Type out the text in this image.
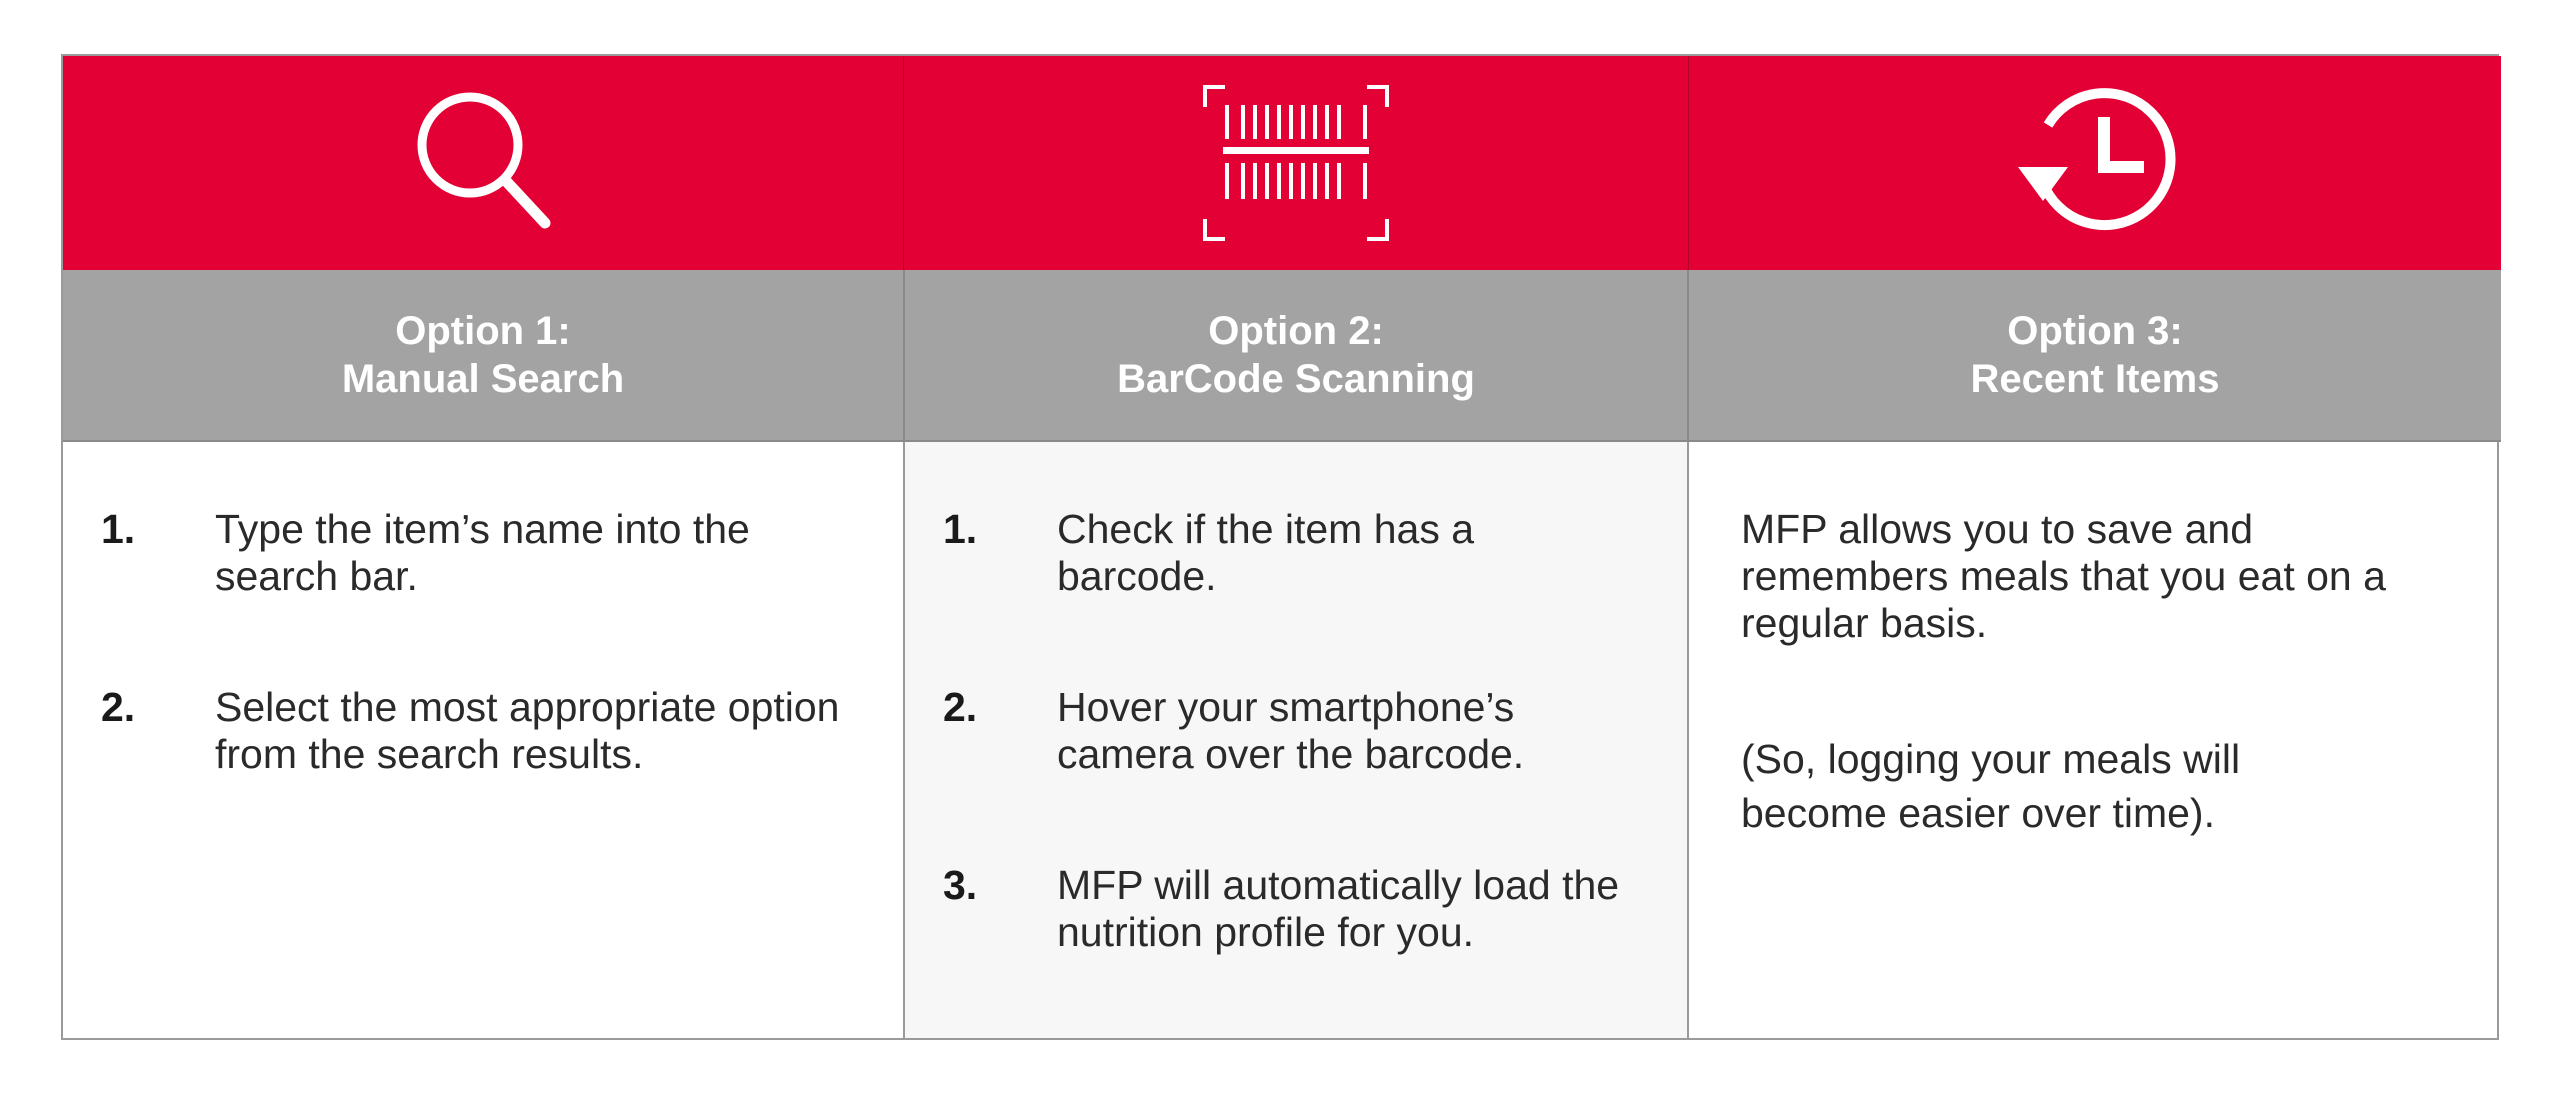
Option 1:
Manual Search
Option 2:
BarCode Scanning
Option 3:
Recent Items
1. Type the item’s name into the search bar.
2. Select the most appropriate option from the search results.
1. Check if the item has a barcode.
2. Hover your smartphone’s camera over the barcode.
3. MFP will automatically load the nutrition profile for you.
MFP allows you to save and remembers meals that you eat on a regular basis.
(So, logging your meals will become easier over time).
